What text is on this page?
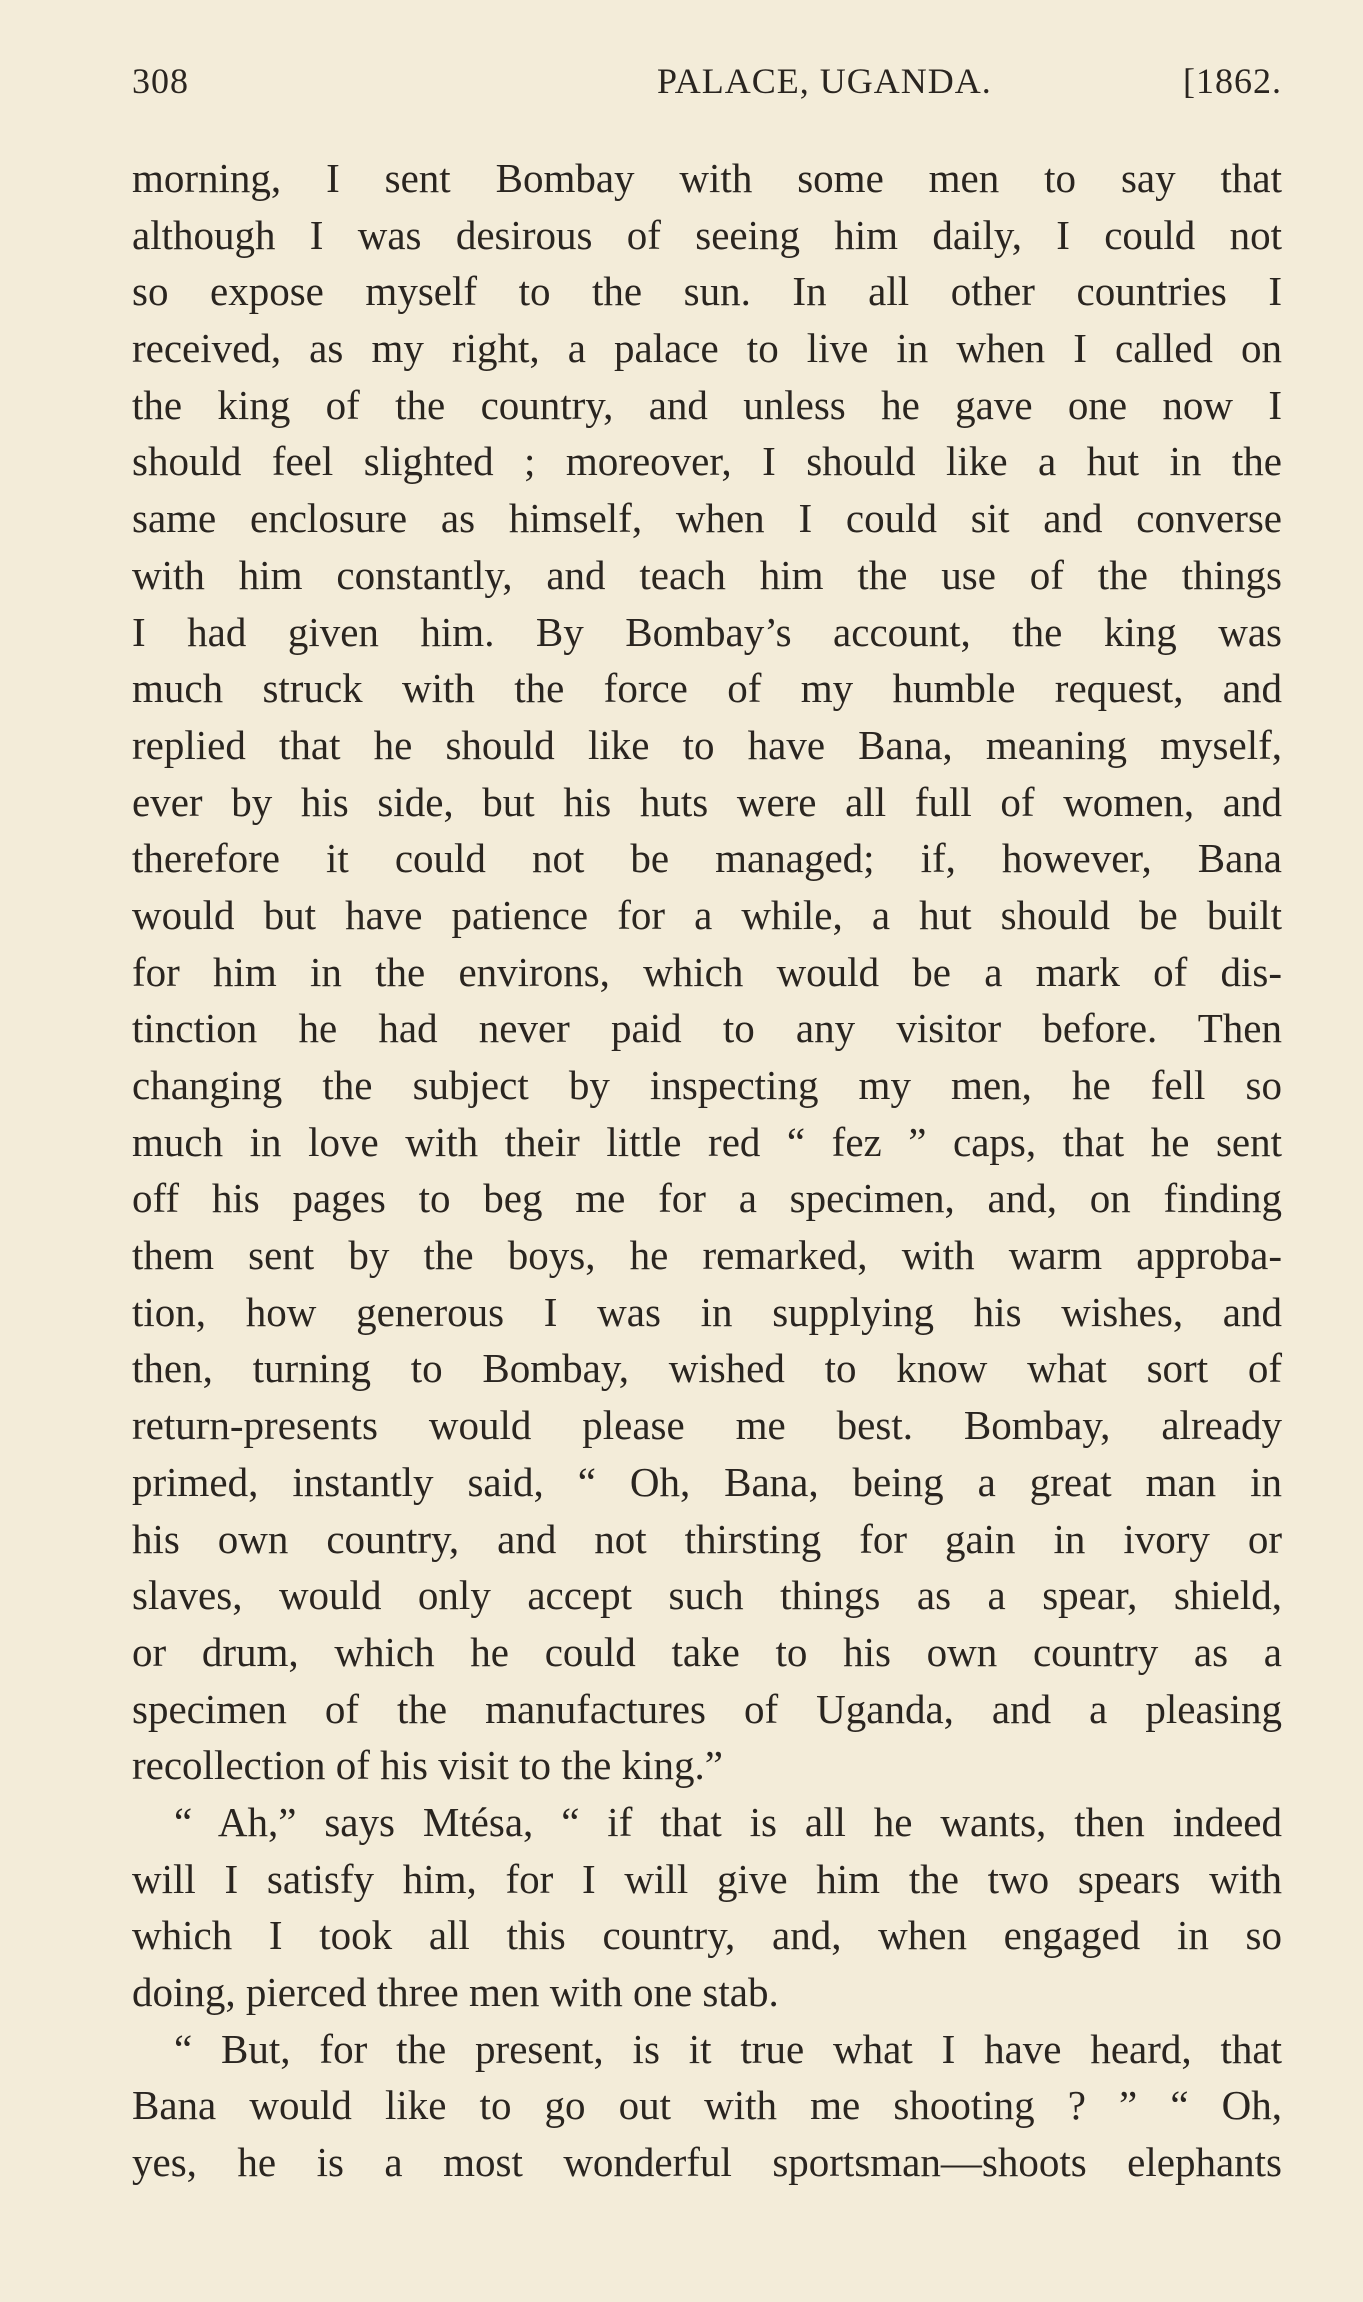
308	PALACE, UGANDA.	[1862.
morning, I sent Bombay with some men to say that
although I was desirous of seeing him daily, I could not
so expose myself to the sun. In all other countries I
received, as my right, a palace to live in when I called on
the king of the country, and unless he gave one now I
should feel slighted ; moreover, I should like a hut in the
same enclosure as himself, when I could sit and converse
with him constantly, and teach him the use of the things
I had given him. By Bombay’s account, the king was
much struck with the force of my humble request, and
replied that he should like to have Bana, meaning myself,
ever by his side, but his huts were all full of women, and
therefore it could not be managed; if, however, Bana
would but have patience for a while, a hut should be built
for him in the environs, which would be a mark of dis-
tinction he had never paid to any visitor before. Then
changing the subject by inspecting my men, he fell so
much in love with their little red “ fez ” caps, that he sent
off his pages to beg me for a specimen, and, on finding
them sent by the boys, he remarked, with warm approba-
tion, how generous I was in supplying his wishes, and
then, turning to Bombay, wished to know what sort of
return-presents would please me best. Bombay, already
primed, instantly said, “ Oh, Bana, being a great man in
his own country, and not thirsting for gain in ivory or
slaves, would only accept such things as a spear, shield,
or drum, which he could take to his own country as a
specimen of the manufactures of Uganda, and a pleasing
recollection of his visit to the king.”
“ Ah,” says Mtésa, “ if that is all he wants, then indeed
will I satisfy him, for I will give him the two spears with
which I took all this country, and, when engaged in so
doing, pierced three men with one stab.
“ But, for the present, is it true what I have heard, that
Bana would like to go out with me shooting ? ” “ Oh,
yes, he is a most wonderful sportsman—shoots elephants
